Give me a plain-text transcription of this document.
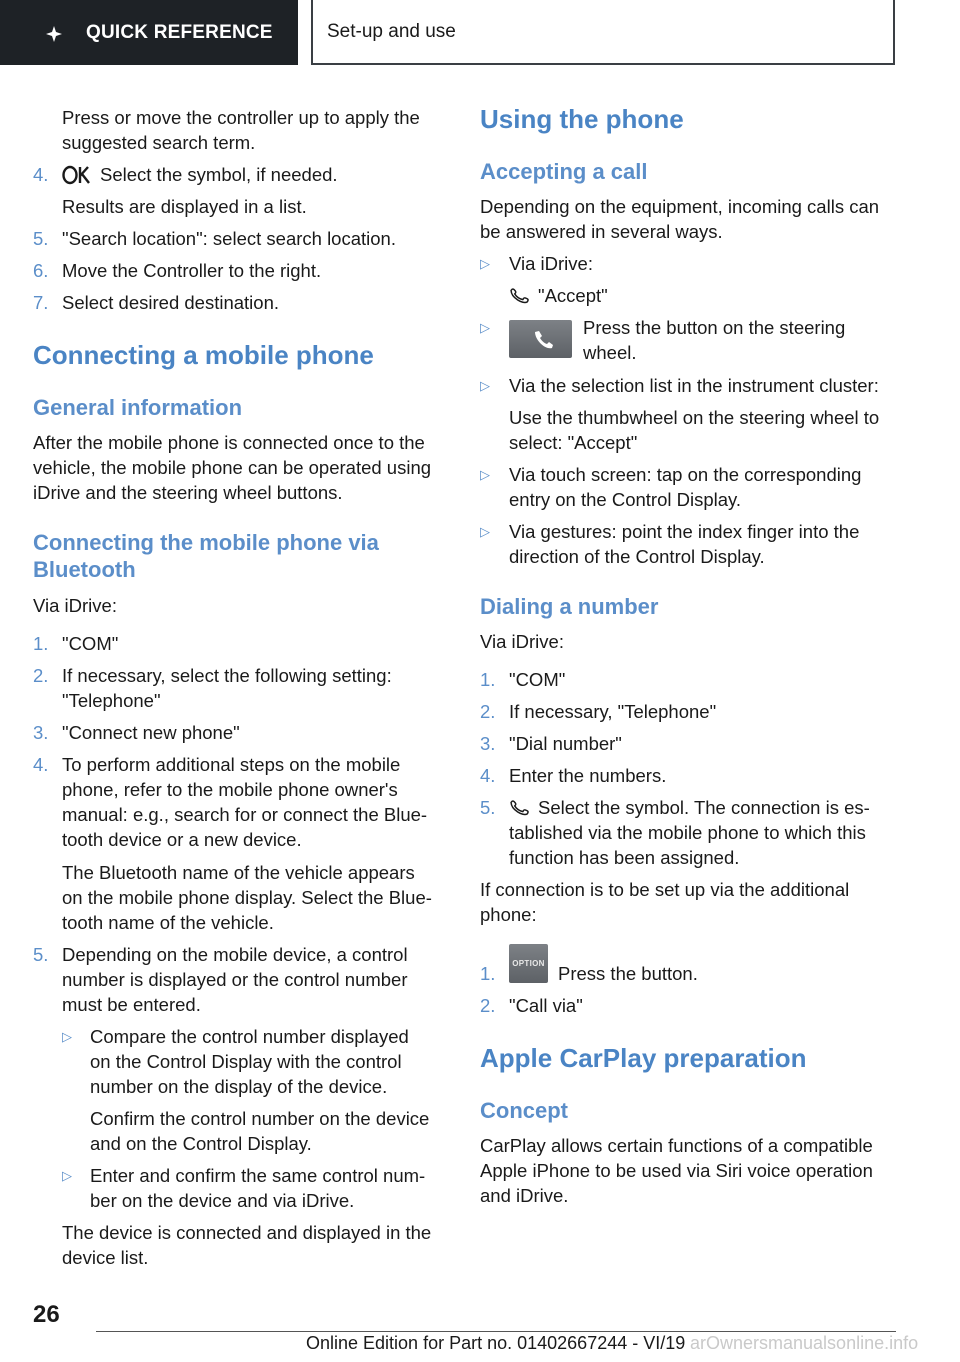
QUICK REFERENCE	Set-up and use
Press or move the controller up to apply the
suggested search term.
4.	Select the symbol, if needed.
Results are displayed in a list.
5. "Search location": select search location.
6. Move the Controller to the right.
7. Select desired destination.
Connecting a mobile phone
General information
After the mobile phone is connected once to the
vehicle, the mobile phone can be operated using
iDrive and the steering wheel buttons.
Connecting the mobile phone via
Bluetooth
Via iDrive:
1. "COM"
2. If necessary, select the following setting:
"Telephone"
3. "Connect new phone"
4. To perform additional steps on the mobile
phone, refer to the mobile phone owner's
manual: e.g., search for or connect the Blue‐
tooth device or a new device.
The Bluetooth name of the vehicle appears
on the mobile phone display. Select the Blue‐
tooth name of the vehicle.
5. Depending on the mobile device, a control
number is displayed or the control number
must be entered.
▷ Compare the control number displayed
on the Control Display with the control
number on the display of the device.
Confirm the control number on the device
and on the Control Display.
▷ Enter and confirm the same control num‐
ber on the device and via iDrive.
The device is connected and displayed in the
device list.
Using the phone
Accepting a call
Depending on the equipment, incoming calls can
be answered in several ways.
▷ Via iDrive:
"Accept"
▷	Press the button on the steering
wheel.
▷ Via the selection list in the instrument cluster:
Use the thumbwheel on the steering wheel to
select: "Accept"
▷ Via touch screen: tap on the corresponding
entry on the Control Display.
▷ Via gestures: point the index finger into the
direction of the Control Display.
Dialing a number
Via iDrive:
1. "COM"
2. If necessary, "Telephone"
3. "Dial number"
4. Enter the numbers.
5. Select the symbol. The connection is es‐
tablished via the mobile phone to which this
function has been assigned.
If connection is to be set up via the additional
phone:
1. OPTION Press the button.
2. "Call via"
Apple CarPlay preparation
Concept
CarPlay allows certain functions of a compatible
Apple iPhone to be used via Siri voice operation
and iDrive.
26
Online Edition for Part no. 01402667244 - VI/19 arOwnersmanualsonline.info
